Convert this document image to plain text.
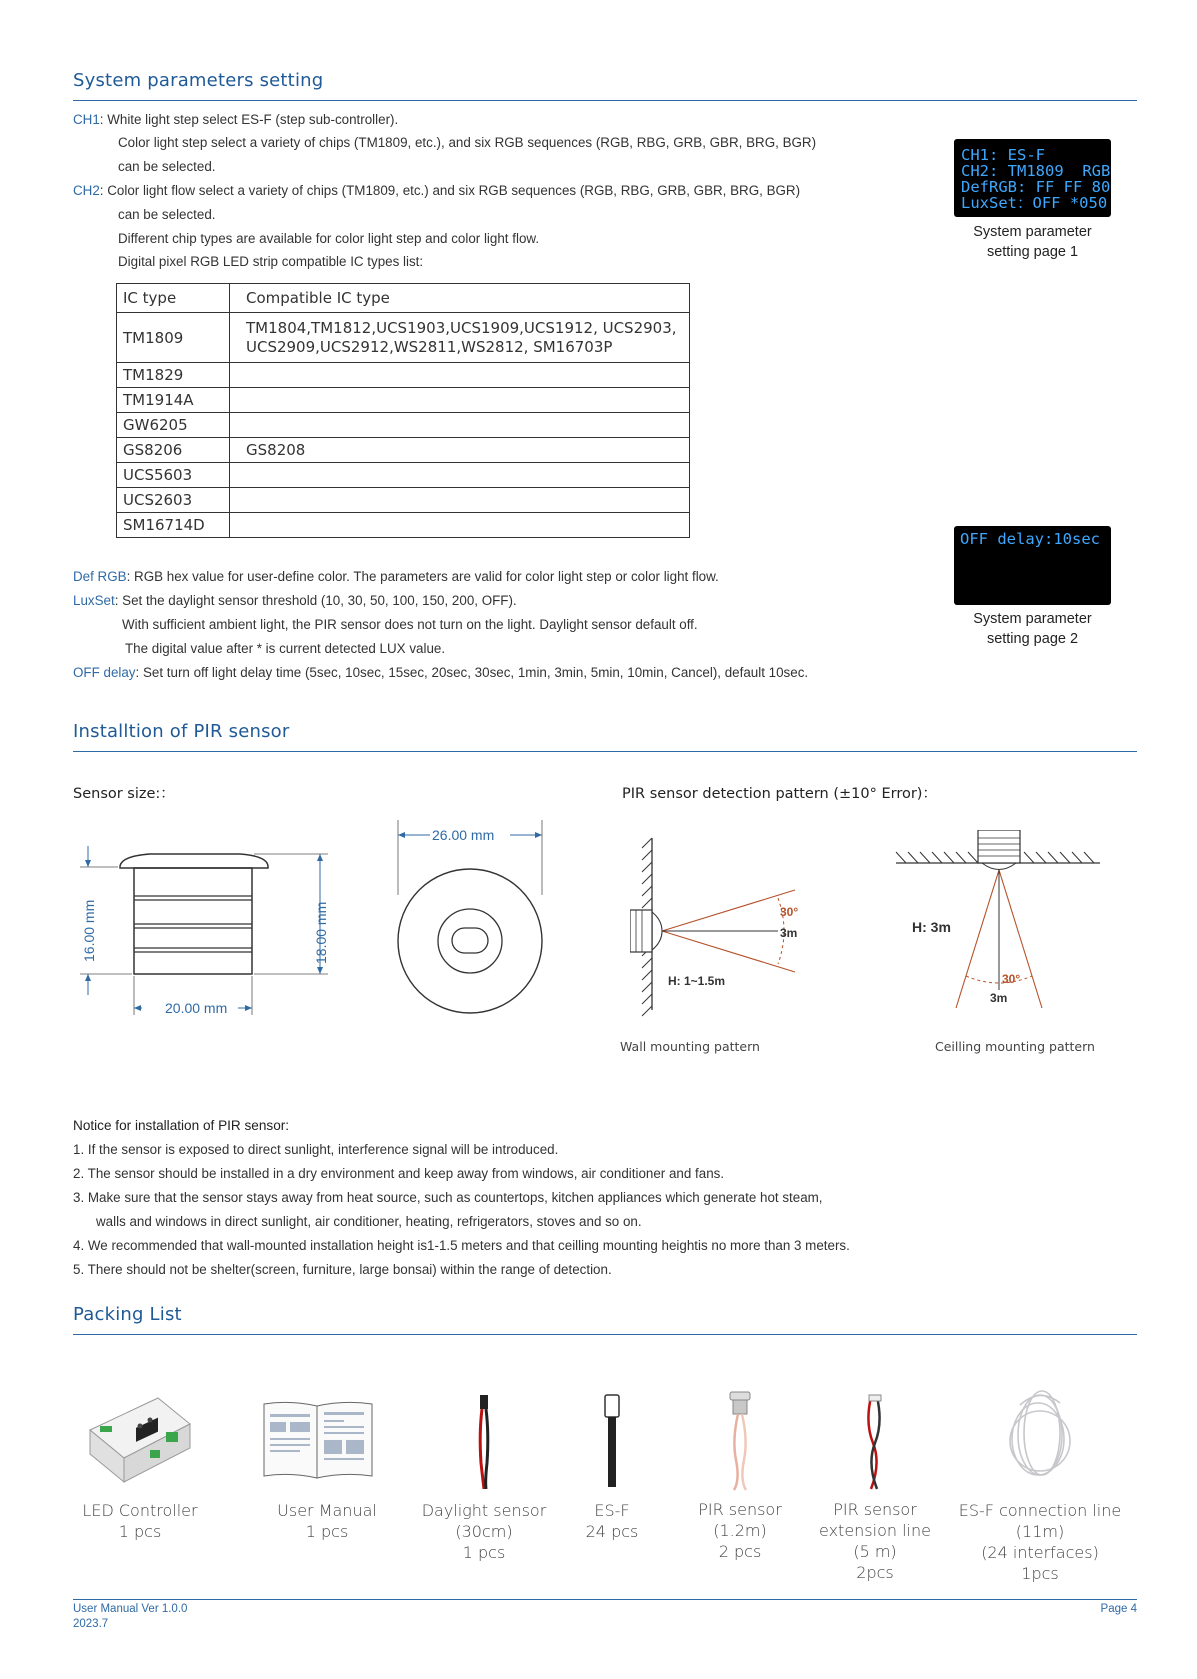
System parameters setting
CH1: White light step select ES-F (step sub-controller).
Color light step select a variety of chips (TM1809, etc.), and six RGB sequences (RGB, RBG, GRB, GBR, BRG, BGR)
can be selected.
CH2: Color light flow select a variety of chips (TM1809, etc.) and six RGB sequences (RGB, RBG, GRB, GBR, BRG, BGR)
can be selected.
Different chip types are available for color light step and color light flow.
Digital pixel RGB LED strip compatible IC types list:
IC type	Compatible IC type
TM1809	TM1804,TM1812,UCS1903,UCS1909,UCS1912, UCS2903,
UCS2909,UCS2912,WS2811,WS2812, SM16703P

TM1829	
TM1914A	
GW6205	
GS8206	GS8208
UCS5603	
UCS2603	
SM16714D	
Def RGB: RGB hex value for user-define color. The parameters are valid for color light step or color light flow.
LuxSet: Set the daylight sensor threshold (10, 30, 50, 100, 150, 200, OFF).
With sufficient ambient light, the PIR sensor does not turn on the light. Daylight sensor default off.
The digital value after * is current detected LUX value.
OFF delay: Set turn off light delay time (5sec, 10sec, 15sec, 20sec, 30sec, 1min, 3min, 5min, 10min, Cancel), default 10sec.
CH1: ES-F
CH2: TM1809  RGB
DefRGB: FF FF 80
LuxSet：OFF *050
System parameter
setting page 1
OFF delay:10sec
System parameter
setting page 2
Installtion of PIR sensor
Sensor size:：	PIR sensor detection pattern (±10° Error)：
20.00 mm
16.00 mm	18.00 mm
26.00 mm
30°
3m
H: 1~1.5m
Wall mounting pattern
H: 3m
30°
3m
Ceilling mounting pattern
Notice for installation of PIR sensor:
1. If the sensor is exposed to direct sunlight, interference signal will be introduced.
2. The sensor should be installed in a dry environment and keep away from windows, air conditioner and fans.
3. Make sure that the sensor stays away from heat source, such as countertops, kitchen appliances which generate hot steam,
walls and windows in direct sunlight, air conditioner, heating, refrigerators, stoves and so on.
4. We recommended that wall-mounted installation height is1-1.5 meters and that ceilling mounting heightis no more than 3 meters.
5. There should not be shelter(screen, furniture, large bonsai) within the range of detection.
Packing List
LED Controller
1 pcs
User Manual
1 pcs
Daylight sensor
(30cm)
1 pcs
ES-F
24 pcs
PIR sensor
(1.2m)
2 pcs
PIR sensor
extension line
(5 m)
2pcs
ES-F connection line
(11m)
(24 interfaces)
1pcs
User Manual Ver 1.0.0
2023.7
Page 4
